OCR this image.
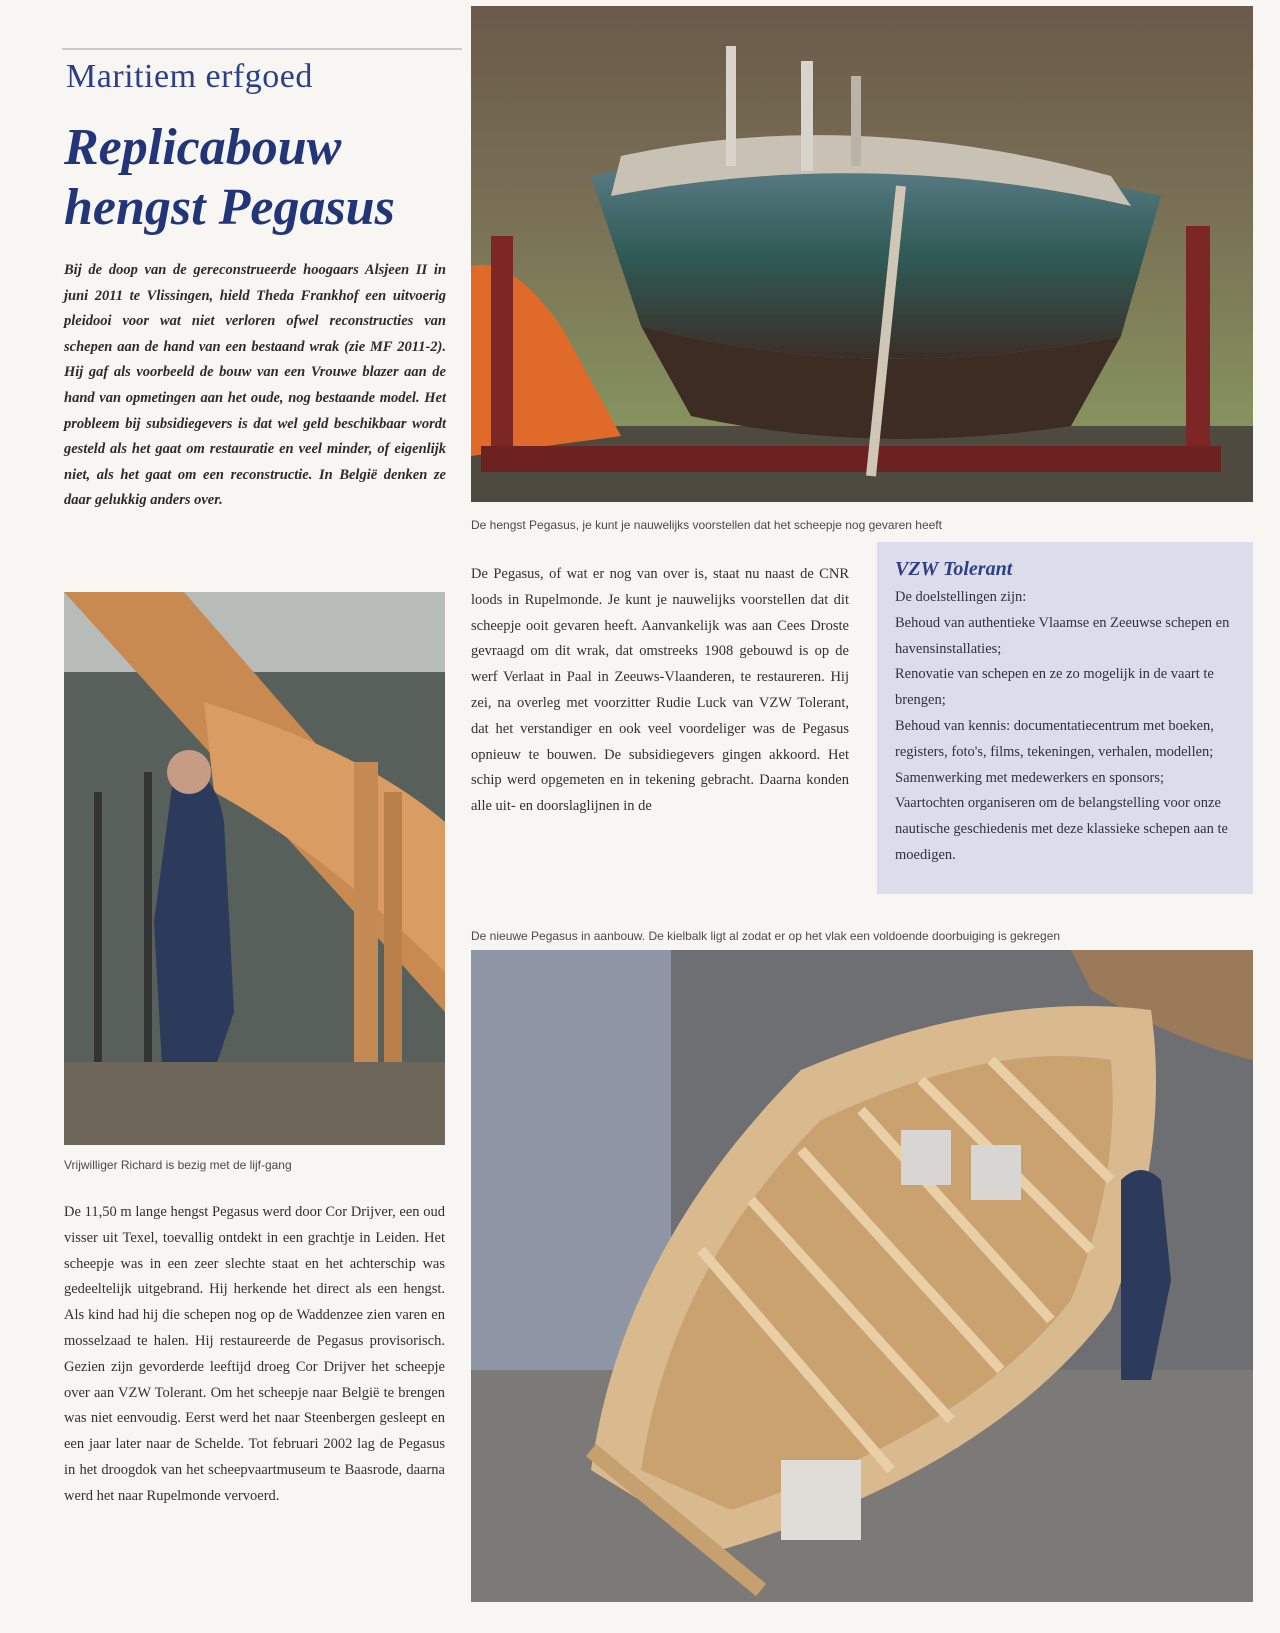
Maritiem erfgoed
Replicabouw
hengst Pegasus
Bij de doop van de gereconstrueerde hoogaars Alsjeen II in juni 2011 te Vlissingen, hield Theda Frankhof een uitvoerig pleidooi voor wat niet verloren ofwel reconstructies van schepen aan de hand van een bestaand wrak (zie MF 2011-2). Hij gaf als voorbeeld de bouw van een Vrouwe blazer aan de hand van opmetingen aan het oude, nog bestaande model. Het probleem bij subsidiegevers is dat wel geld beschikbaar wordt gesteld als het gaat om restauratie en veel minder, of eigenlijk niet, als het gaat om een reconstructie. In België denken ze daar gelukkig anders over.
De hengst Pegasus, je kunt je nauwelijks voorstellen dat het scheepje nog gevaren heeft
Vrijwilliger Richard is bezig met de lijf-gang
De 11,50 m lange hengst Pegasus werd door Cor Drijver, een oud visser uit Texel, toevallig ontdekt in een grachtje in Leiden. Het scheepje was in een zeer slechte staat en het achterschip was gedeeltelijk uitgebrand. Hij herkende het direct als een hengst. Als kind had hij die schepen nog op de Waddenzee zien varen en mosselzaad te halen. Hij restaureerde de Pegasus provisorisch. Gezien zijn gevorderde leeftijd droeg Cor Drijver het scheepje over aan VZW Tolerant. Om het scheepje naar België te brengen was niet eenvoudig. Eerst werd het naar Steenbergen gesleept en een jaar later naar de Schelde. Tot februari 2002 lag de Pegasus in het droogdok van het scheepvaartmuseum te Baasrode, daarna werd het naar Rupelmonde vervoerd.
De Pegasus, of wat er nog van over is, staat nu naast de CNR loods in Rupelmonde. Je kunt je nauwelijks voorstellen dat dit scheepje ooit gevaren heeft. Aanvankelijk was aan Cees Droste gevraagd om dit wrak, dat omstreeks 1908 gebouwd is op de werf Verlaat in Paal in Zeeuws-Vlaanderen, te restaureren. Hij zei, na overleg met voorzitter Rudie Luck van VZW Tolerant, dat het verstandiger en ook veel voordeliger was de Pegasus opnieuw te bouwen. De subsidiegevers gingen akkoord. Het schip werd opgemeten en in tekening gebracht. Daarna konden alle uit- en doorslaglijnen in de
VZW Tolerant
De doelstellingen zijn:
Behoud van authentieke Vlaamse en Zeeuwse schepen en havensinstallaties;
Renovatie van schepen en ze zo mogelijk in de vaart te brengen;
Behoud van kennis: documentatiecentrum met boeken, registers, foto's, films, tekeningen, verhalen, modellen;
Samenwerking met medewerkers en sponsors;
Vaartochten organiseren om de belangstelling voor onze nautische geschiedenis met deze klassieke schepen aan te moedigen.
De nieuwe Pegasus in aanbouw. De kielbalk ligt al zodat er op het vlak een voldoende doorbuiging is gekregen
